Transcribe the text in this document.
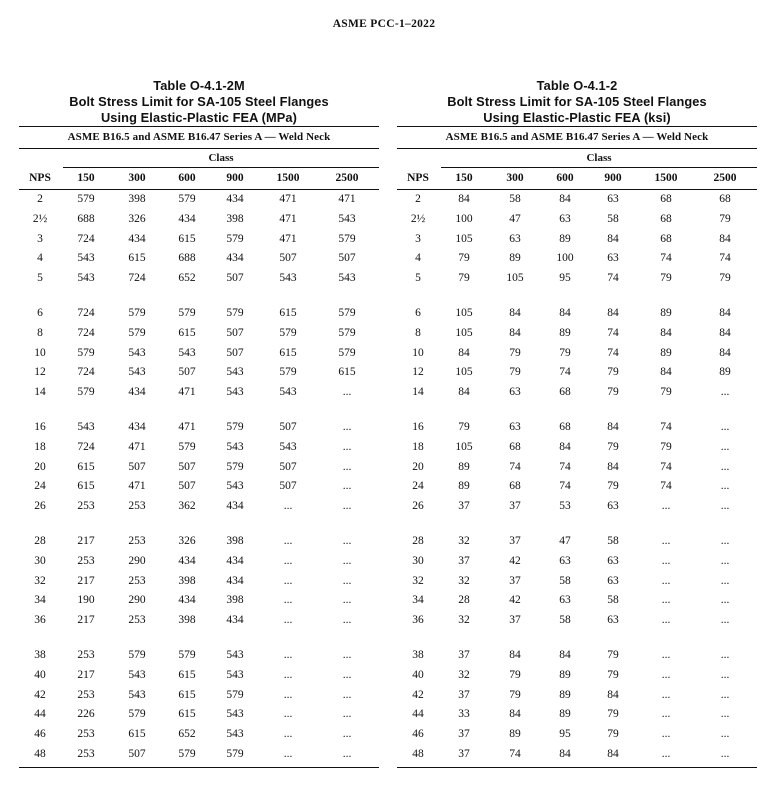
ASME PCC-1–2022
Table O-4.1-2M
Bolt Stress Limit for SA-105 Steel Flanges
Using Elastic-Plastic FEA (MPa)
ASME B16.5 and ASME B16.47 Series A — Weld Neck
Class
NPS 150	300	600	900	1500	2500
2	579	398	579	434	471	471
2½	688	326	434	398	471	543
3	724	434	615	579	471	579
4	543	615	688	434	507	507
5	543	724	652	507	543	543
6	724	579	579	579	615	579
8	724	579	615	507	579	579
10	579	543	543	507	615	579
12	724	543	507	543	579	615
14	579	434	471	543	543	...
16	543	434	471	579	507	...
18	724	471	579	543	543	...
20	615	507	507	579	507	...
24	615	471	507	543	507	...
26	253	253	362	434	...	...
28	217	253	326	398	...	...
30	253	290	434	434	...	...
32	217	253	398	434	...	...
34	190	290	434	398	...	...
36	217	253	398	434	...	...
38	253	579	579	543	...	...
40	217	543	615	543	...	...
42	253	543	615	579	...	...
44	226	579	615	543	...	...
46	253	615	652	543	...	...
48	253	507	579	579	...	...
Table O-4.1-2
Bolt Stress Limit for SA-105 Steel Flanges
Using Elastic-Plastic FEA (ksi)
ASME B16.5 and ASME B16.47 Series A — Weld Neck
Class
NPS 150	300	600	900	1500	2500
2	84	58	84	63	68	68
2½	100	47	63	58	68	79
3	105	63	89	84	68	84
4	79	89	100	63	74	74
5	79	105	95	74	79	79
6	105	84	84	84	89	84
8	105	84	89	74	84	84
10	84	79	79	74	89	84
12	105	79	74	79	84	89
14	84	63	68	79	79	...
16	79	63	68	84	74	...
18	105	68	84	79	79	...
20	89	74	74	84	74	...
24	89	68	74	79	74	...
26	37	37	53	63	...	...
28	32	37	47	58	...	...
30	37	42	63	63	...	...
32	32	37	58	63	...	...
34	28	42	63	58	...	...
36	32	37	58	63	...	...
38	37	84	84	79	...	...
40	32	79	89	79	...	...
42	37	79	89	84	...	...
44	33	84	89	79	...	...
46	37	89	95	79	...	...
48	37	74	84	84	...	...
